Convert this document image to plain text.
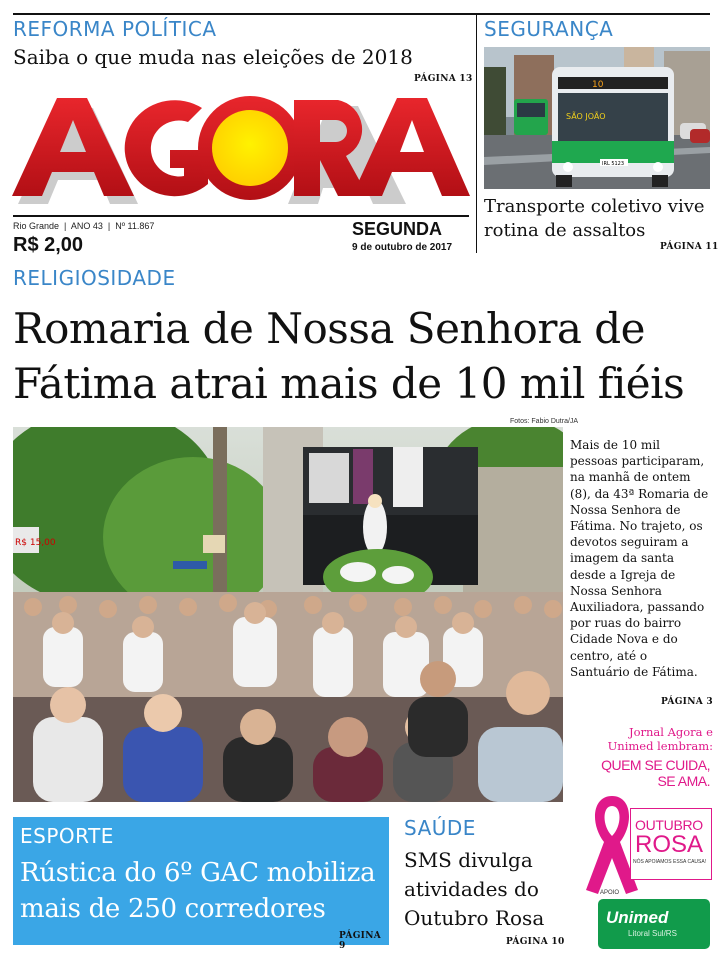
REFORMA POLÍTICA
Saiba o que muda nas eleições de 2018
PÁGINA 13
Rio Grande  |  ANO 43  |  Nº 11.867
R$ 2,00
SEGUNDA
9 de outubro de 2017
SEGURANÇA
10
SÃO JOÃO
IRL 5123
Transporte coletivo vive rotina de assaltos
PÁGINA 11
RELIGIOSIDADE
Romaria de Nossa Senhora de Fátima atrai mais de 10 mil fiéis
Fotos: Fabio Dutra/JA
R$ 15,00
Mais de 10 mil pessoas participaram, na manhã de ontem (8), da 43ª Romaria de Nossa Senhora de Fátima. No trajeto, os devotos seguiram a imagem da santa desde a Igreja de Nossa Senhora Auxiliadora, passando por ruas do bairro Cidade Nova e do centro, até o Santuário de Fátima.
PÁGINA 3
Jornal Agora e Unimed lembram:
QUEM SE CUIDA, SE AMA.
OUTUBRO
ROSA
NÓS APOIAMOS ESSA CAUSA!
APOIO
Unimed
Litoral Sul/RS
ESPORTE
Rústica do 6º GAC mobiliza mais de 250 corredores
PÁGINA 9
SAÚDE
SMS divulga atividades do Outubro Rosa
PÁGINA 10
